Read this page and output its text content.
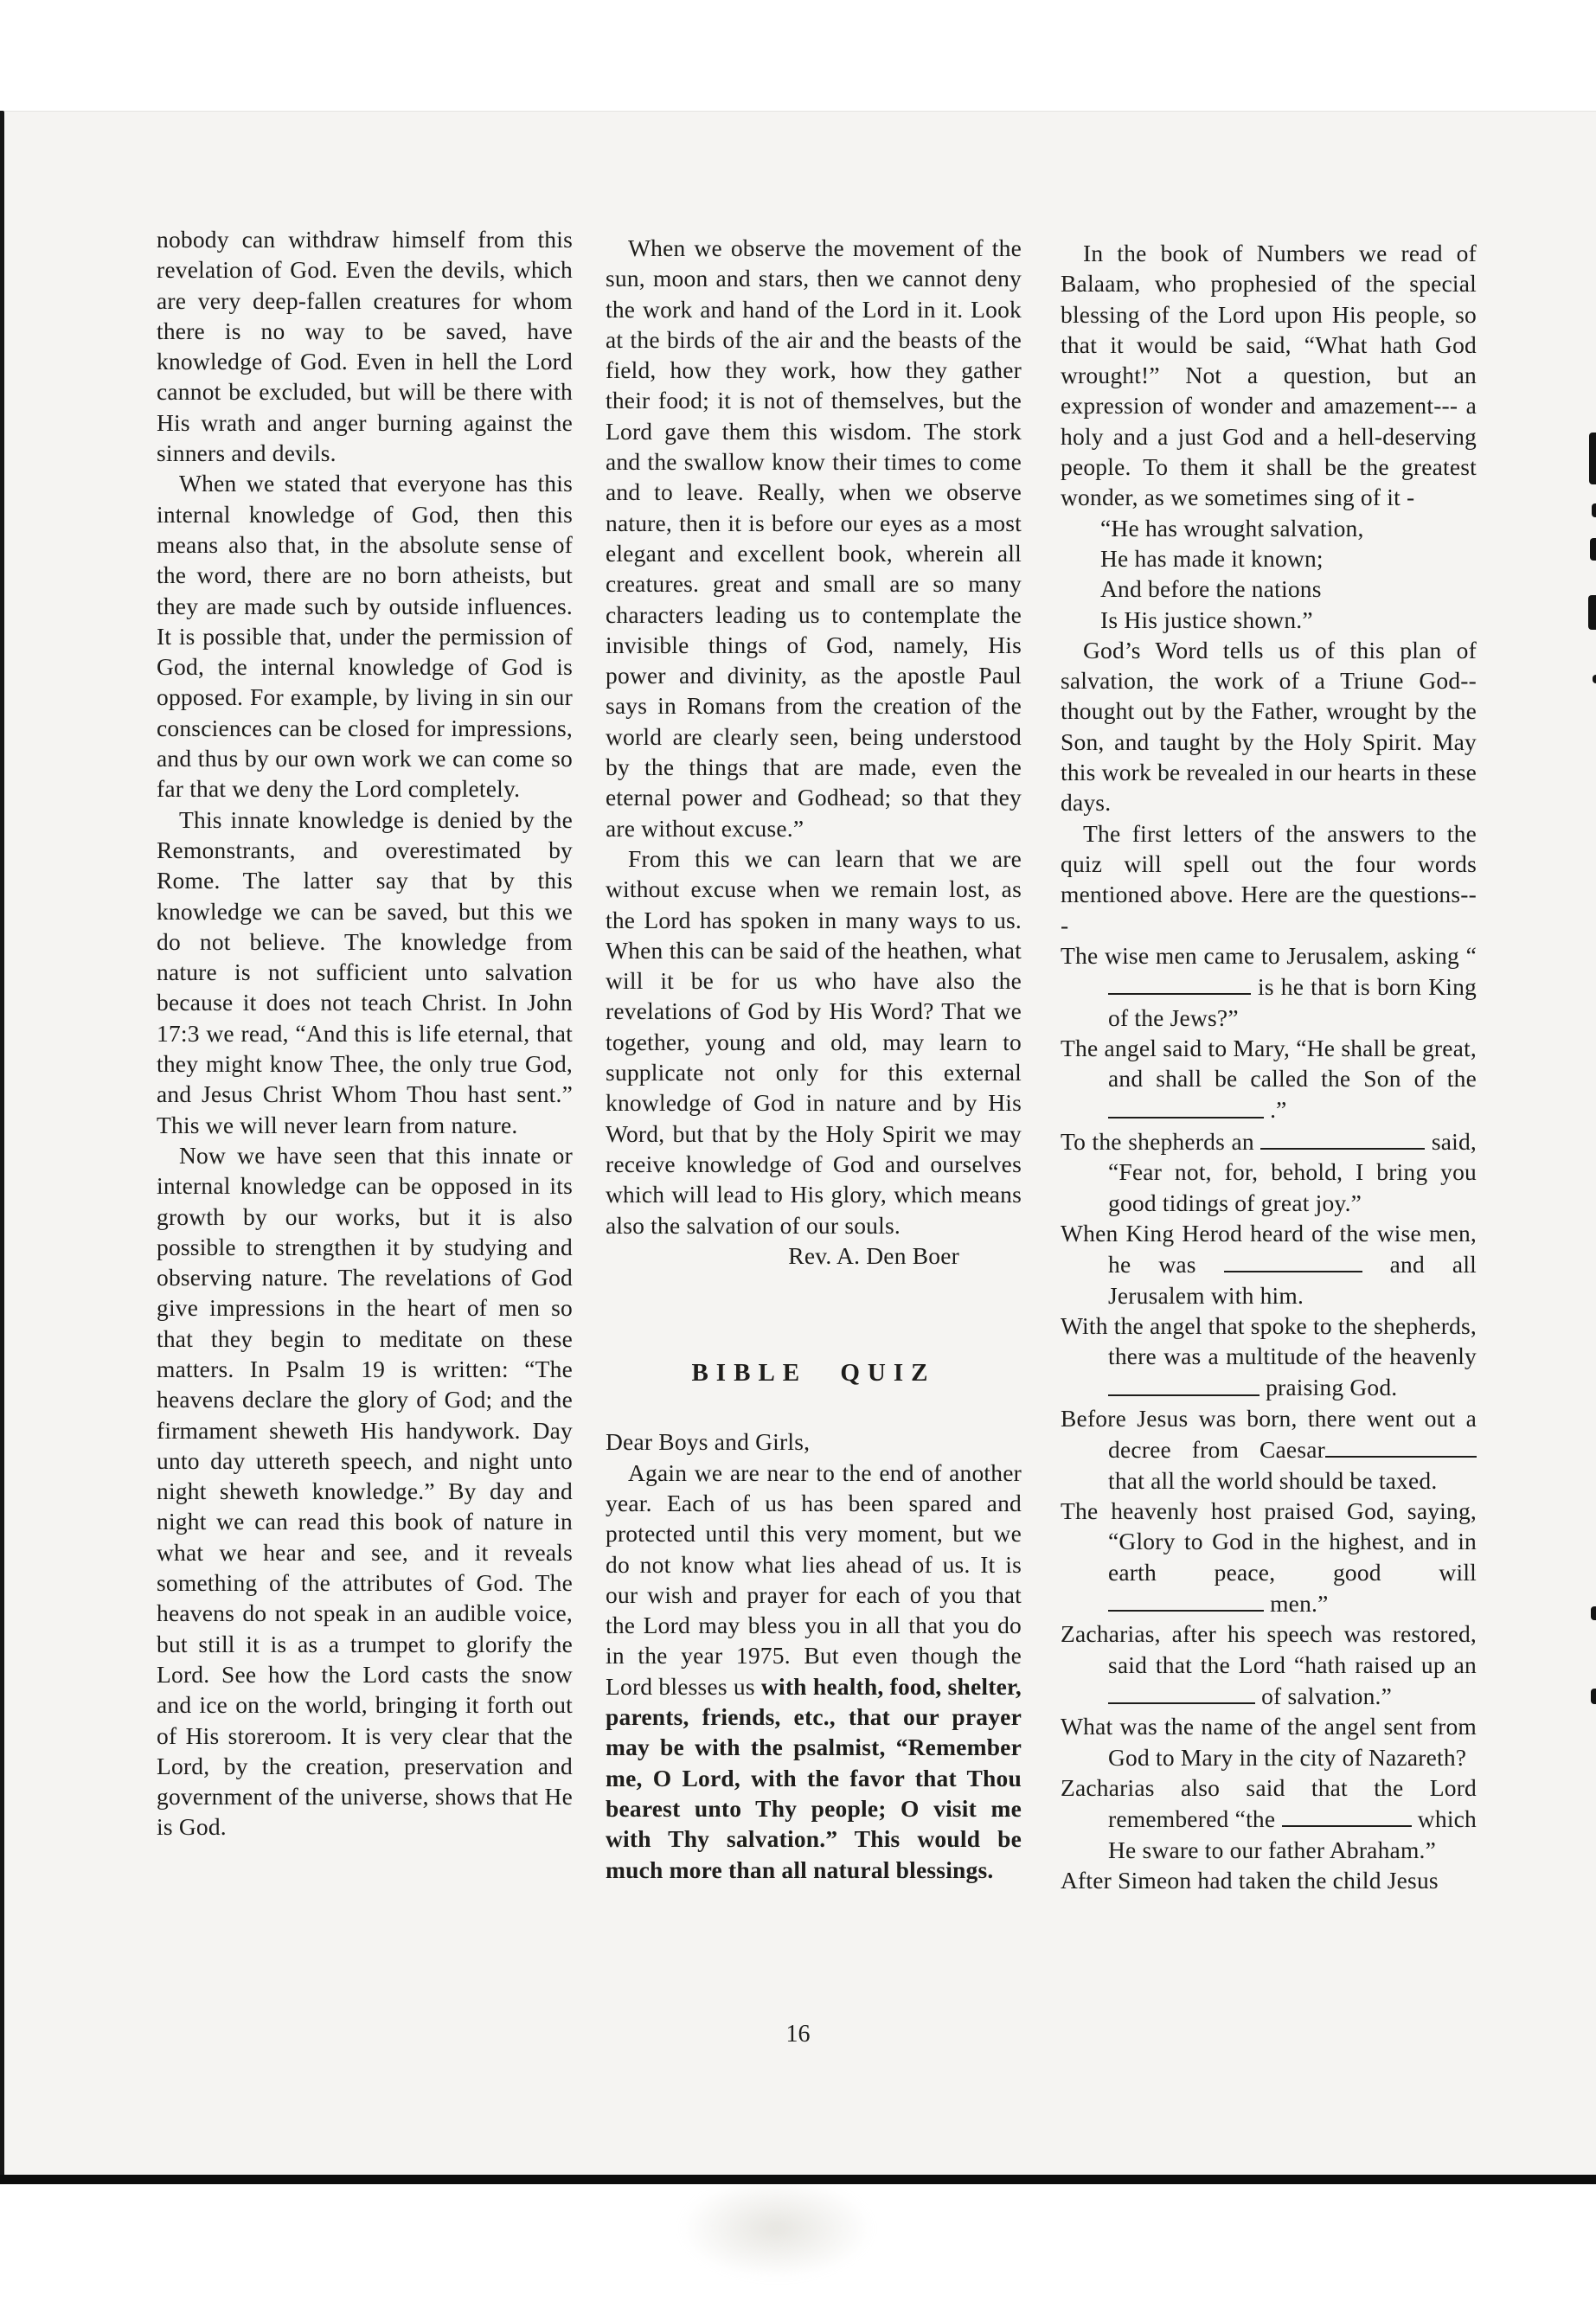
nobody can withdraw himself from this revelation of God. Even the devils, which are very deep-fallen creatures for whom there is no way to be saved, have knowledge of God. Even in hell the Lord cannot be excluded, but will be there with His wrath and anger burning against the sinners and devils.
When we stated that everyone has this internal knowledge of God, then this means also that, in the absolute sense of the word, there are no born atheists, but they are made such by outside influences. It is possible that, under the permission of God, the internal knowledge of God is opposed. For example, by living in sin our consciences can be closed for impressions, and thus by our own work we can come so far that we deny the Lord completely.
This innate knowledge is denied by the Remonstrants, and overestimated by Rome. The latter say that by this knowledge we can be saved, but this we do not believe. The knowledge from nature is not sufficient unto salvation because it does not teach Christ. In John 17:3 we read, “And this is life eternal, that they might know Thee, the only true God, and Jesus Christ Whom Thou hast sent.” This we will never learn from nature.
Now we have seen that this innate or internal knowledge can be opposed in its growth by our works, but it is also possible to strengthen it by studying and observing nature. The revelations of God give impressions in the heart of men so that they begin to meditate on these matters. In Psalm 19 is written: “The heavens declare the glory of God; and the firmament sheweth His handywork. Day unto day uttereth speech, and night unto night sheweth knowledge.” By day and night we can read this book of nature in what we hear and see, and it reveals something of the attributes of God. The heavens do not speak in an audible voice, but still it is as a trumpet to glorify the Lord. See how the Lord casts the snow and ice on the world, bringing it forth out of His storeroom. It is very clear that the Lord, by the creation, preservation and government of the universe, shows that He is God.
When we observe the movement of the sun, moon and stars, then we cannot deny the work and hand of the Lord in it. Look at the birds of the air and the beasts of the field, how they work, how they gather their food; it is not of themselves, but the Lord gave them this wisdom. The stork and the swallow know their times to come and to leave. Really, when we observe nature, then it is before our eyes as a most elegant and excellent book, wherein all creatures. great and small are so many characters leading us to contemplate the invisible things of God, namely, His power and divinity, as the apostle Paul says in Romans from the creation of the world are clearly seen, being understood by the things that are made, even the eternal power and Godhead; so that they are without excuse.”
From this we can learn that we are without excuse when we remain lost, as the Lord has spoken in many ways to us. When this can be said of the heathen, what will it be for us who have also the revelations of God by His Word? That we together, young and old, may learn to supplicate not only for this external knowledge of God in nature and by His Word, but that by the Holy Spirit we may receive knowledge of God and ourselves which will lead to His glory, which means also the salvation of our souls.
Rev. A. Den Boer
BIBLE QUIZ
Dear Boys and Girls,
Again we are near to the end of another year. Each of us has been spared and protected until this very moment, but we do not know what lies ahead of us. It is our wish and prayer for each of you that the Lord may bless you in all that you do in the year 1975. But even though the Lord blesses us with health, food, shelter, parents, friends, etc., that our prayer may be with the psalmist, “Remember me, O Lord, with the favor that Thou bearest unto Thy people; O visit me with Thy salvation.” This would be much more than all natural blessings.
In the book of Numbers we read of Balaam, who prophesied of the special blessing of the Lord upon His people, so that it would be said, “What hath God wrought!” Not a question, but an expression of wonder and amazement--- a holy and a just God and a hell-deserving people. To them it shall be the greatest wonder, as we sometimes sing of it -
“He has wrought salvation,
He has made it known;
And before the nations
Is His justice shown.”
God’s Word tells us of this plan of salvation, the work of a Triune God--thought out by the Father, wrought by the Son, and taught by the Holy Spirit. May this work be revealed in our hearts in these days.
The first letters of the answers to the quiz will spell out the four words mentioned above. Here are the questions---
The wise men came to Jerusalem, asking “ is he that is born King of the Jews?”
The angel said to Mary, “He shall be great, and shall be called the Son of the .”
To the shepherds an	said, “Fear not, for, behold, I bring you good tidings of great joy.”
When King Herod heard of the wise men, he was	and all Jerusalem with him.
With the angel that spoke to the shepherds, there was a multitude of the heavenly praising God.
Before Jesus was born, there went out a decree from Caesar that all the world should be taxed.
The heavenly host praised God, saying, “Glory to God in the highest, and in earth peace, good will men.”
Zacharias, after his speech was restored, said that the Lord “hath raised up an  of salvation.”
What was the name of the angel sent from God to Mary in the city of Nazareth?
Zacharias also said that the Lord remembered “the	which He sware to our father Abraham.”
After Simeon had taken the child Jesus
16
